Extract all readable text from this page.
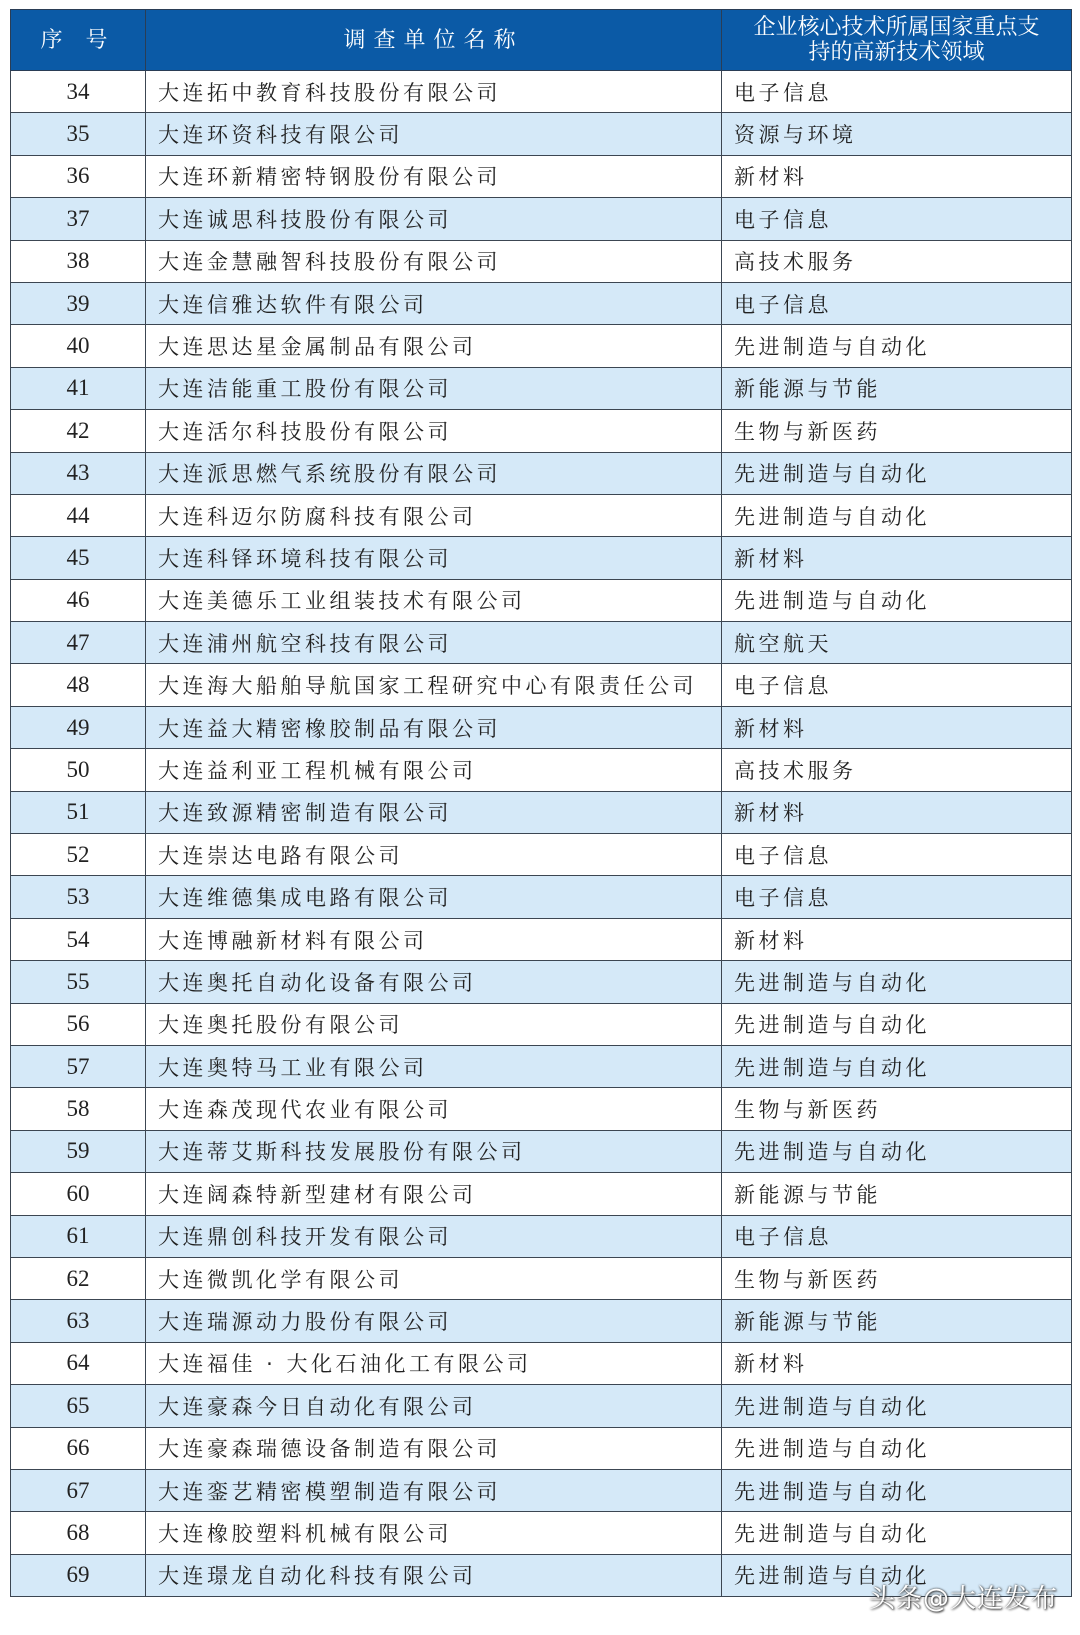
序 号	调查单位名称	企业核心技术所属国家重点支持的高新技术领域

34	大连拓中教育科技股份有限公司	电子信息
35	大连环资科技有限公司	资源与环境
36	大连环新精密特钢股份有限公司	新材料
37	大连诚思科技股份有限公司	电子信息
38	大连金慧融智科技股份有限公司	高技术服务
39	大连信雅达软件有限公司	电子信息
40	大连思达星金属制品有限公司	先进制造与自动化
41	大连洁能重工股份有限公司	新能源与节能
42	大连活尔科技股份有限公司	生物与新医药
43	大连派思燃气系统股份有限公司	先进制造与自动化
44	大连科迈尔防腐科技有限公司	先进制造与自动化
45	大连科铎环境科技有限公司	新材料
46	大连美德乐工业组装技术有限公司	先进制造与自动化
47	大连浦州航空科技有限公司	航空航天
48	大连海大船舶导航国家工程研究中心有限责任公司	电子信息
49	大连益大精密橡胶制品有限公司	新材料
50	大连益利亚工程机械有限公司	高技术服务
51	大连致源精密制造有限公司	新材料
52	大连崇达电路有限公司	电子信息
53	大连维德集成电路有限公司	电子信息
54	大连博融新材料有限公司	新材料
55	大连奥托自动化设备有限公司	先进制造与自动化
56	大连奥托股份有限公司	先进制造与自动化
57	大连奥特马工业有限公司	先进制造与自动化
58	大连森茂现代农业有限公司	生物与新医药
59	大连蒂艾斯科技发展股份有限公司	先进制造与自动化
60	大连阔森特新型建材有限公司	新能源与节能
61	大连鼎创科技开发有限公司	电子信息
62	大连微凯化学有限公司	生物与新医药
63	大连瑞源动力股份有限公司	新能源与节能
64	大连福佳 · 大化石油化工有限公司	新材料
65	大连豪森今日自动化有限公司	先进制造与自动化
66	大连豪森瑞德设备制造有限公司	先进制造与自动化
67	大连銮艺精密模塑制造有限公司	先进制造与自动化
68	大连橡胶塑料机械有限公司	先进制造与自动化
69	大连璟龙自动化科技有限公司	先进制造与自动化
头条@大连发布
